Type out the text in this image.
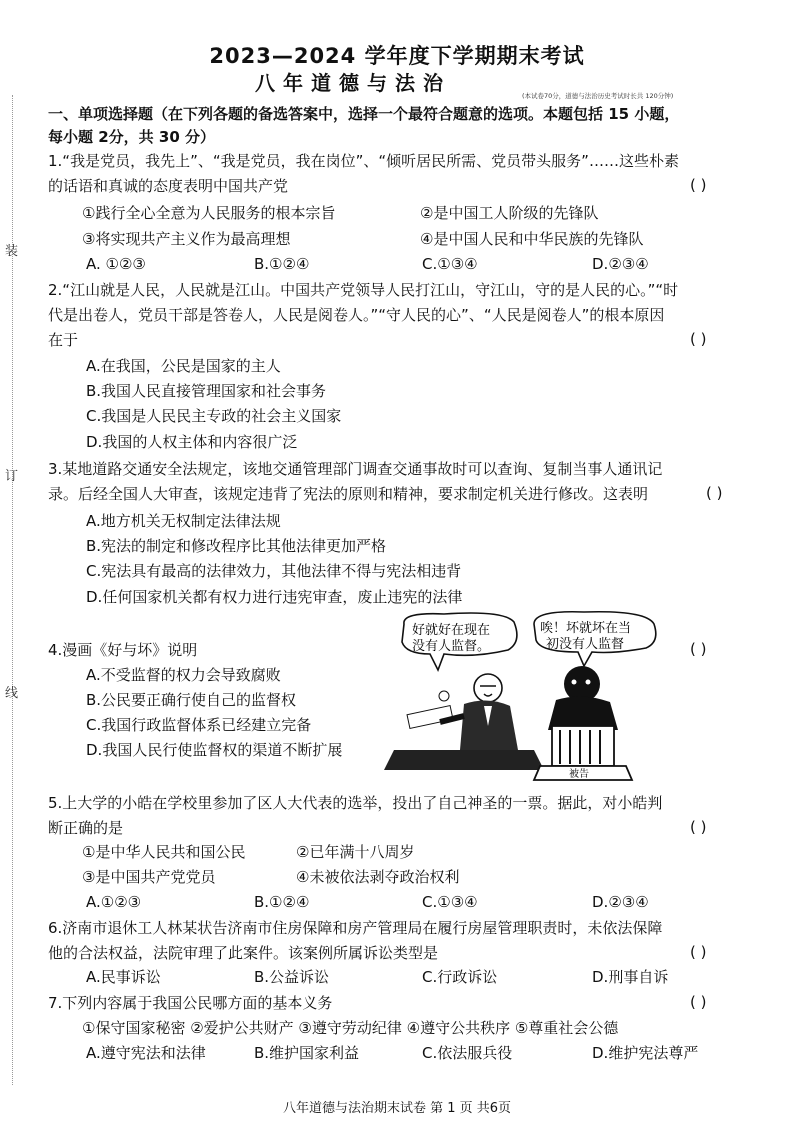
装
订
线
2023—2024 学年度下学期期末考试
八年道德与法治
(本试卷70分，道德与法治历史考试时长共 120分钟)
一、单项选择题（在下列各题的备选答案中，选择一个最符合题意的选项。本题包括 15 小题，
每小题 2分，共 30 分）
1.“我是党员，我先上”、“我是党员，我在岗位”、“倾听居民所需、党员带头服务”……这些朴素
的话语和真诚的态度表明中国共产党	( )
①践行全心全意为人民服务的根本宗旨	②是中国工人阶级的先锋队
③将实现共产主义作为最高理想	④是中国人民和中华民族的先锋队
A. ①②③	B.①②④	C.①③④	D.②③④
2.“江山就是人民，人民就是江山。中国共产党领导人民打江山，守江山，守的是人民的心。”“时
代是出卷人，党员干部是答卷人，人民是阅卷人。”“守人民的心”、“人民是阅卷人”的根本原因
在于	( )
A.在我国，公民是国家的主人
B.我国人民直接管理国家和社会事务
C.我国是人民民主专政的社会主义国家
D.我国的人权主体和内容很广泛
3.某地道路交通安全法规定，该地交通管理部门调查交通事故时可以查询、复制当事人通讯记
录。后经全国人大审查，该规定违背了宪法的原则和精神，要求制定机关进行修改。这表明	( )
A.地方机关无权制定法律法规
B.宪法的制定和修改程序比其他法律更加严格
C.宪法具有最高的法律效力，其他法律不得与宪法相违背
D.任何国家机关都有权力进行违宪审查，废止违宪的法律
4.漫画《好与坏》说明	( )
A.不受监督的权力会导致腐败
B.公民要正确行使自己的监督权
C.我国行政监督体系已经建立完备
D.我国人民行使监督权的渠道不断扩展
好就好在现在
没有人监督。
唉！坏就坏在当
初没有人监督
被告
5.上大学的小皓在学校里参加了区人大代表的选举，投出了自己神圣的一票。据此，对小皓判
断正确的是	( )
①是中华人民共和国公民	②已年满十八周岁
③是中国共产党党员	④未被依法剥夺政治权利
A.①②③	B.①②④	C.①③④	D.②③④
6.济南市退休工人林某状告济南市住房保障和房产管理局在履行房屋管理职责时，未依法保障
他的合法权益，法院审理了此案件。该案例所属诉讼类型是	( )
A.民事诉讼	B.公益诉讼	C.行政诉讼	D.刑事自诉
7.下列内容属于我国公民哪方面的基本义务	( )
①保守国家秘密 ②爱护公共财产 ③遵守劳动纪律 ④遵守公共秩序 ⑤尊重社会公德
A.遵守宪法和法律	B.维护国家利益	C.依法服兵役	D.维护宪法尊严
八年道德与法治期末试卷 第 1 页 共6页
